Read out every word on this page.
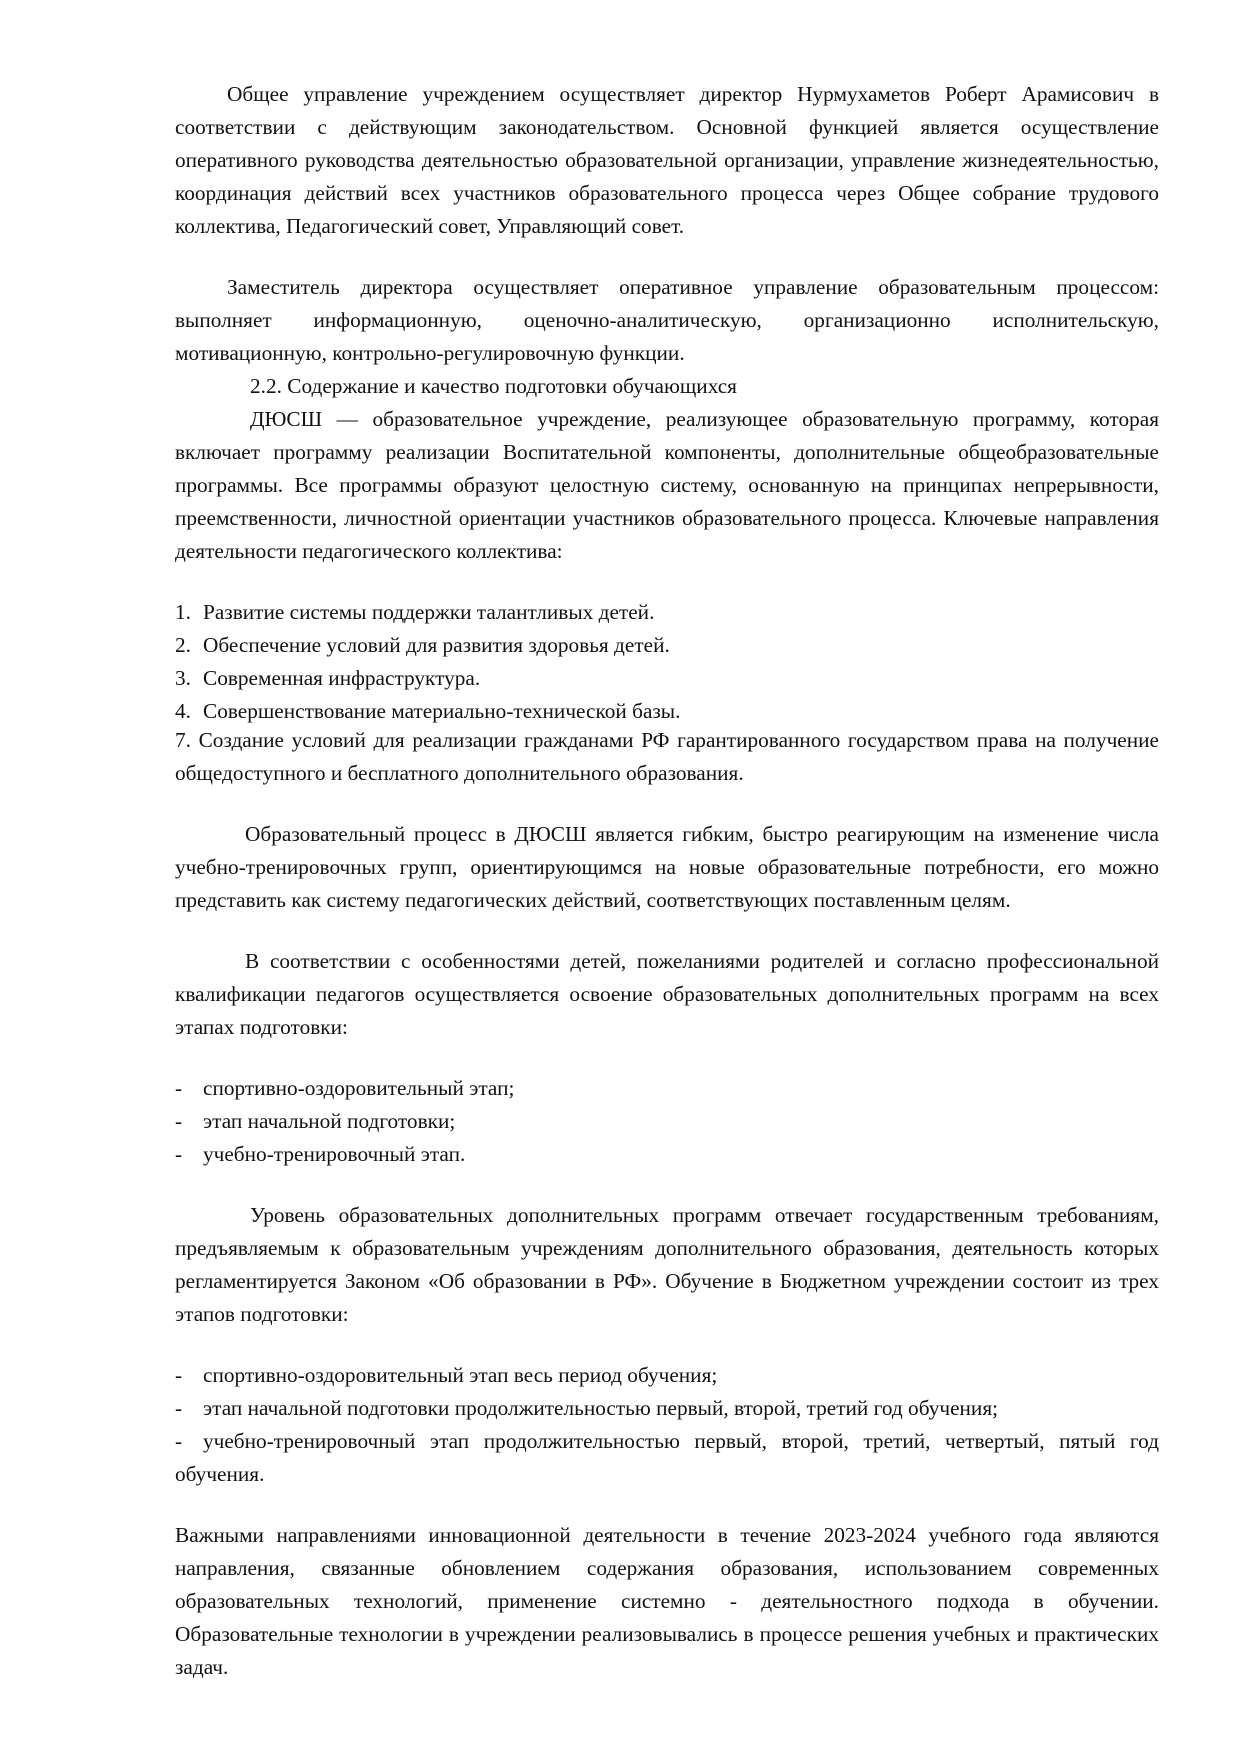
Общее управление учреждением осуществляет директор Нурмухаметов Роберт Арамисович в соответствии с действующим законодательством. Основной функцией является осуществление оперативного руководства деятельностью образовательной организации, управление жизнедеятельностью, координация действий всех участников образовательного процесса через Общее собрание трудового коллектива, Педагогический совет, Управляющий совет.

Заместитель директора осуществляет оперативное управление образовательным процессом: выполняет информационную, оценочно-аналитическую, организационно исполнительскую, мотивационную, контрольно-регулировочную функции.

2.2. Содержание и качество подготовки обучающихся

ДЮСШ — образовательное учреждение, реализующее образовательную программу, которая включает программу реализации Воспитательной компоненты, дополнительные общеобразовательные программы. Все программы образуют целостную систему, основанную на принципах непрерывности, преемственности, личностной ориентации участников образовательного процесса. Ключевые направления деятельности педагогического коллектива:

1. Развитие системы поддержки талантливых детей.
2. Обеспечение условий для развития здоровья детей.
3. Современная инфраструктура.
4. Совершенствование материально-технической базы.

7. Создание условий для реализации гражданами РФ гарантированного государством права на получение общедоступного и бесплатного дополнительного образования.

Образовательный процесс в ДЮСШ является гибким, быстро реагирующим на изменение числа учебно-тренировочных групп, ориентирующимся на новые образовательные потребности, его можно представить как систему педагогических действий, соответствующих поставленным целям.

В соответствии с особенностями детей, пожеланиями родителей и согласно профессиональной квалификации педагогов осуществляется освоение образовательных дополнительных программ на всех этапах подготовки:

- спортивно-оздоровительный этап;
- этап начальной подготовки;
- учебно-тренировочный этап.

Уровень образовательных дополнительных программ отвечает государственным требованиям, предъявляемым к образовательным учреждениям дополнительного образования, деятельность которых регламентируется Законом «Об образовании в РФ». Обучение в Бюджетном учреждении состоит из трех этапов подготовки:

- спортивно-оздоровительный этап весь период обучения;
- этап начальной подготовки продолжительностью первый, второй, третий год обучения;
- учебно-тренировочный этап продолжительностью первый, второй, третий, четвертый, пятый год обучения.

Важными направлениями инновационной деятельности в течение 2023-2024 учебного года являются направления, связанные обновлением содержания образования, использованием современных образовательных технологий, применение системно - деятельностного подхода в обучении. Образовательные технологии в учреждении реализовывались в процессе решения учебных и практических задач.
